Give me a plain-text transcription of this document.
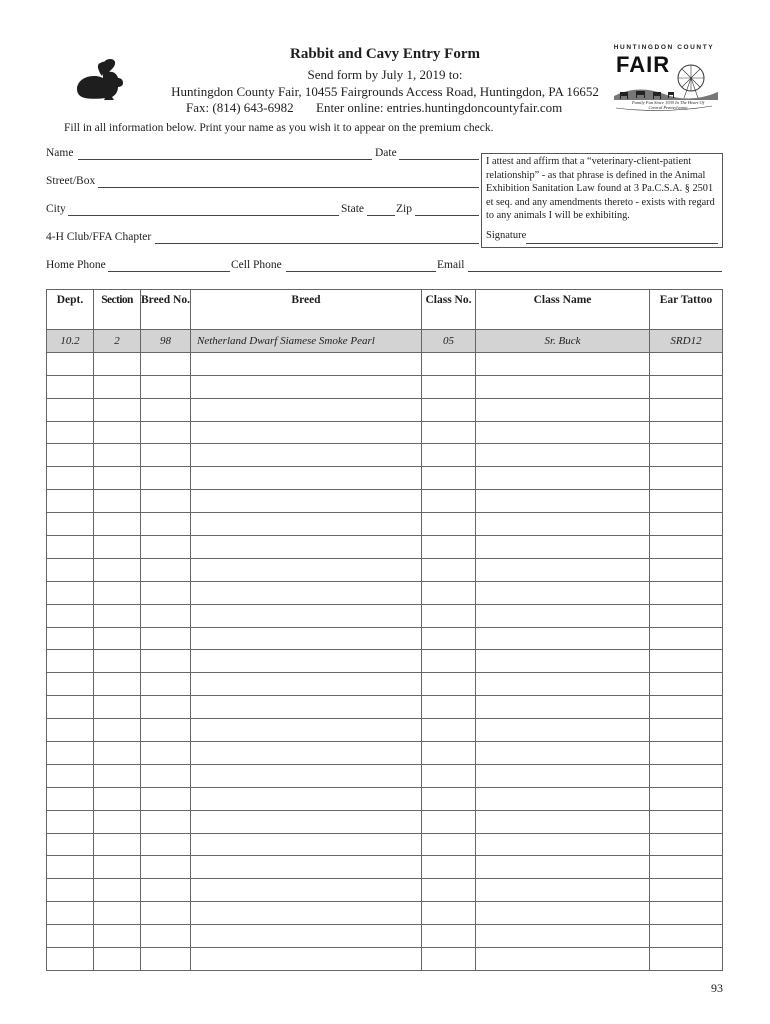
Rabbit and Cavy Entry Form
Send form by July 1, 2019 to:
Huntingdon County Fair, 10455 Fairgrounds Access Road, Huntingdon, PA 16652
Fax: (814) 643-6982 Enter online: entries.huntingdoncountyfair.com
HUNTINGDON COUNTY
FAIR
Family Fun Since 1935 In The Heart Of Central Pennsylvania
Fill in all information below. Print your name as you wish it to appear on the premium check.
Name	Date
Street/Box
City	State	Zip
4-H Club/FFA Chapter
Home Phone	Cell Phone	Email
I attest and affirm that a “veterinary-client-patient relationship” - as that phrase is defined in the Animal Exhibition Sanitation Law found at 3 Pa.C.S.A. § 2501 et seq. and any amendments thereto - exists with regard to any animals I will be exhibiting.
Signature
Dept.	Section	Breed No.	Breed	Class No.	Class Name	Ear Tattoo
10.2	2	98	Netherland Dwarf Siamese Smoke Pearl	05	Sr. Buck	SRD12

93
